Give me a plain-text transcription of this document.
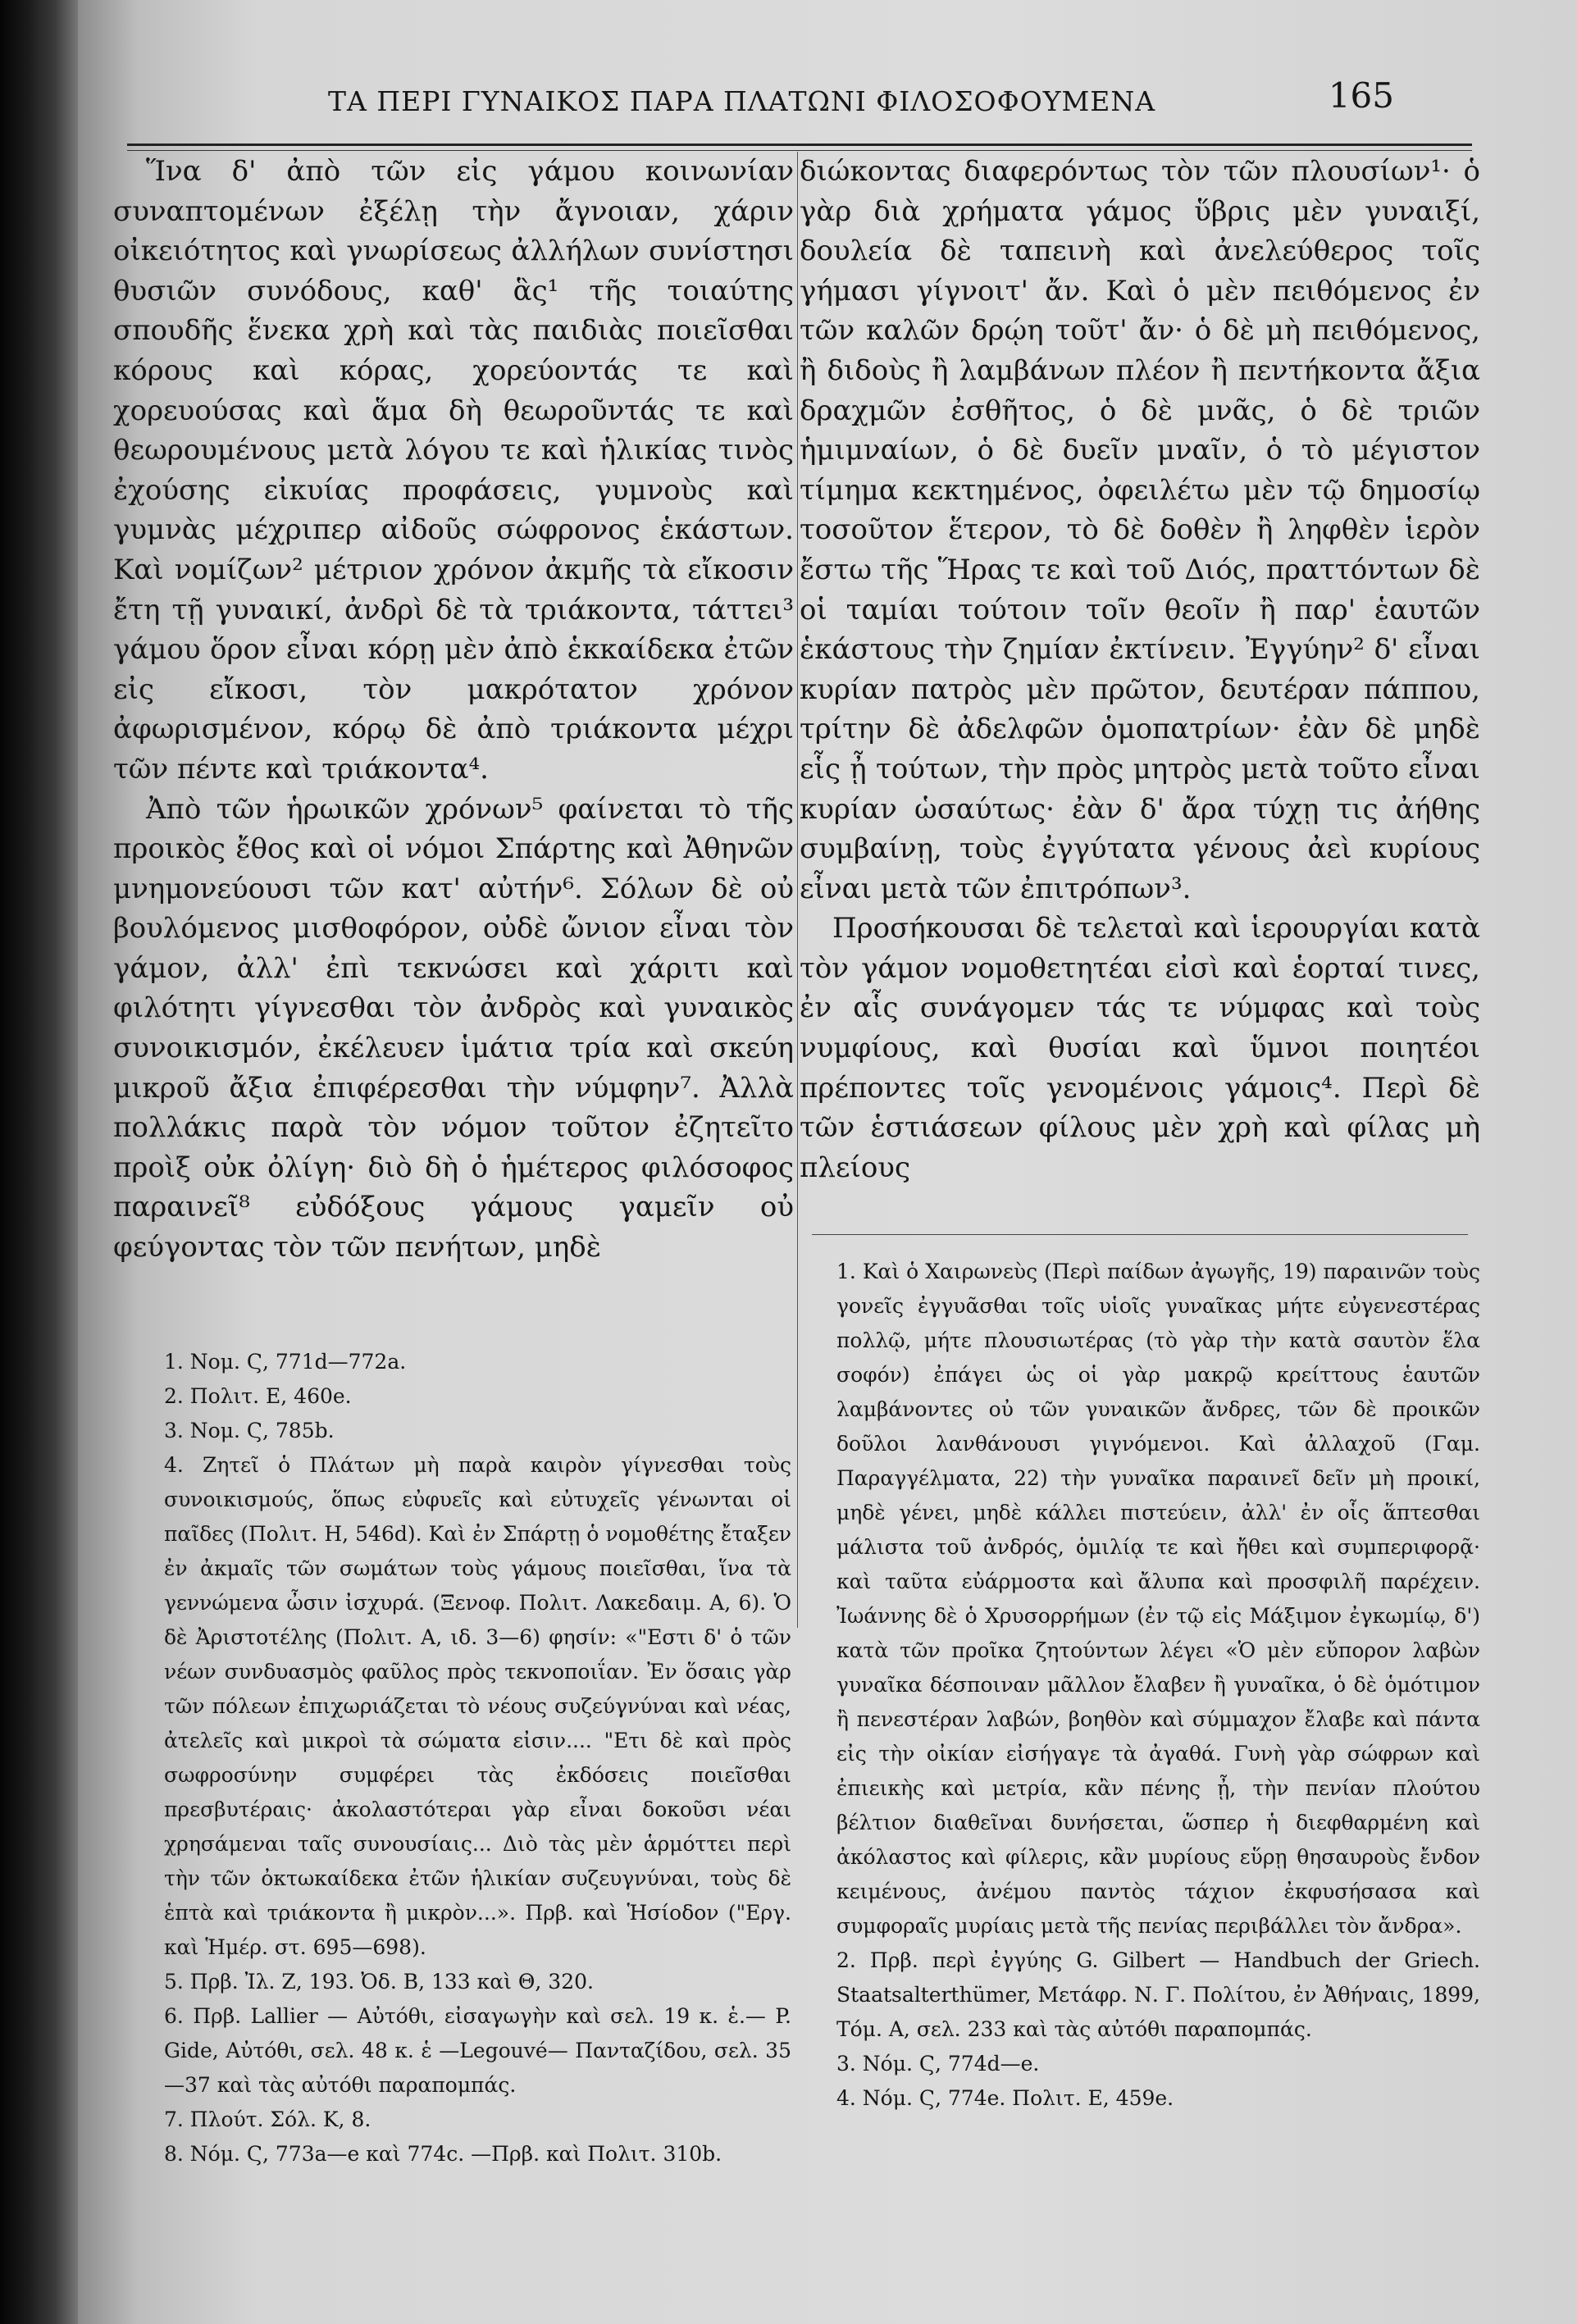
ΤΑ ΠΕΡΙ ΓΥΝΑΙΚΟΣ ΠΑΡΑ ΠΛΑΤΩΝΙ ΦΙΛΟΣΟΦΟΥΜΕΝΑ	165

Ἵνα δ' ἀπὸ τῶν εἰς γάμου κοινωνίαν συναπτομένων ἐξέλῃ τὴν ἄγνοιαν, χάριν οἰκειότητος καὶ γνωρίσεως ἀλλήλων συνίστησι θυσιῶν συνόδους, καθ' ἃς¹ τῆς τοιαύτης σπουδῆς ἕνεκα χρὴ καὶ τὰς παιδιὰς ποιεῖσθαι κόρους καὶ κόρας, χορεύοντάς τε καὶ χορευούσας καὶ ἅμα δὴ θεωροῦντάς τε καὶ θεωρουμένους μετὰ λόγου τε καὶ ἡλικίας τινὸς ἐχούσης εἰκυίας προφάσεις, γυμνοὺς καὶ γυμνὰς μέχριπερ αἰδοῦς σώφρονος ἑκάστων. Καὶ νομίζων² μέτριον χρόνον ἀκμῆς τὰ εἴκοσιν ἔτη τῇ γυναικί, ἀνδρὶ δὲ τὰ τριάκοντα, τάττει³ γάμου ὅρον εἶναι κόρῃ μὲν ἀπὸ ἑκκαίδεκα ἐτῶν εἰς εἴκοσι, τὸν μακρότατον χρόνον ἀφωρισμένον, κόρῳ δὲ ἀπὸ τριάκοντα μέχρι τῶν πέντε καὶ τριάκοντα⁴.

Ἀπὸ τῶν ἡρωικῶν χρόνων⁵ φαίνεται τὸ τῆς προικὸς ἔθος καὶ οἱ νόμοι Σπάρτης καὶ Ἀθηνῶν μνημονεύουσι τῶν κατ' αὐτήν⁶. Σόλων δὲ οὐ βουλόμενος μισθοφόρον, οὐδὲ ὤνιον εἶναι τὸν γάμον, ἀλλ' ἐπὶ τεκνώσει καὶ χάριτι καὶ φιλότητι γίγνεσθαι τὸν ἀνδρὸς καὶ γυναικὸς συνοικισμόν, ἐκέλευεν ἱμάτια τρία καὶ σκεύη μικροῦ ἄξια ἐπιφέρεσθαι τὴν νύμφην⁷. Ἀλλὰ πολλάκις παρὰ τὸν νόμον τοῦτον ἐζητεῖτο προὶξ οὐκ ὀλίγη· διὸ δὴ ὁ ἡμέτερος φιλόσοφος παραινεῖ⁸ εὐδόξους γάμους γαμεῖν οὐ φεύγοντας τὸν τῶν πενήτων, μηδὲ

διώκοντας διαφερόντως τὸν τῶν πλουσίων¹· ὁ γὰρ διὰ χρήματα γάμος ὕβρις μὲν γυναιξί, δουλεία δὲ ταπεινὴ καὶ ἀνελεύθερος τοῖς γήμασι γίγνοιτ' ἄν. Καὶ ὁ μὲν πειθόμενος ἐν τῶν καλῶν δρῴη τοῦτ' ἄν· ὁ δὲ μὴ πειθόμενος, ἢ διδοὺς ἢ λαμβάνων πλέον ἢ πεντήκοντα ἄξια δραχμῶν ἐσθῆτος, ὁ δὲ μνᾶς, ὁ δὲ τριῶν ἡμιμναίων, ὁ δὲ δυεῖν μναῖν, ὁ τὸ μέγιστον τίμημα κεκτημένος, ὀφειλέτω μὲν τῷ δημοσίῳ τοσοῦτον ἕτερον, τὸ δὲ δοθὲν ἢ ληφθὲν ἱερὸν ἔστω τῆς Ἥρας τε καὶ τοῦ Διός, πραττόντων δὲ οἱ ταμίαι τούτοιν τοῖν θεοῖν ἢ παρ' ἑαυτῶν ἑκάστους τὴν ζημίαν ἐκτίνειν. Ἐγγύην² δ' εἶναι κυρίαν πατρὸς μὲν πρῶτον, δευτέραν πάππου, τρίτην δὲ ἀδελφῶν ὁμοπατρίων· ἐὰν δὲ μηδὲ εἷς ᾖ τούτων, τὴν πρὸς μητρὸς μετὰ τοῦτο εἶναι κυρίαν ὡσαύτως· ἐὰν δ' ἄρα τύχῃ τις ἀήθης συμβαίνῃ, τοὺς ἐγγύτατα γένους ἀεὶ κυρίους εἶναι μετὰ τῶν ἐπιτρόπων³.

Προσήκουσαι δὲ τελεταὶ καὶ ἱερουργίαι κατὰ τὸν γάμον νομοθετητέαι εἰσὶ καὶ ἑορταί τινες, ἐν αἷς συνάγομεν τάς τε νύμφας καὶ τοὺς νυμφίους, καὶ θυσίαι καὶ ὕμνοι ποιητέοι πρέποντες τοῖς γενομένοις γάμοις⁴. Περὶ δὲ τῶν ἑστιάσεων φίλους μὲν χρὴ καὶ φίλας μὴ πλείους

1. Νομ. Ϛ, 771d—772a.

2. Πολιτ. Ε, 460e.

3. Νομ. Ϛ, 785b.

4. Ζητεῖ ὁ Πλάτων μὴ παρὰ καιρὸν γίγνεσθαι τοὺς συνοικισμούς, ὅπως εὐφυεῖς καὶ εὐτυχεῖς γένωνται οἱ παῖδες (Πολιτ. Η, 546d). Καὶ ἐν Σπάρτῃ ὁ νομοθέτης ἔταξεν ἐν ἀκμαῖς τῶν σωμάτων τοὺς γάμους ποιεῖσθαι, ἵνα τὰ γεννώμενα ὦσιν ἰσχυρά. (Ξενοφ. Πολιτ. Λακεδαιμ. Α, 6). Ὁ δὲ Ἀριστοτέλης (Πολιτ. Α, ιδ. 3—6) φησίν: «"Εστι δ' ὁ τῶν νέων συνδυασμὸς φαῦλος πρὸς τεκνοποιΐαν. Ἐν ὅσαις γὰρ τῶν πόλεων ἐπιχωριάζεται τὸ νέους συζεύγνύναι καὶ νέας, ἀτελεῖς καὶ μικροὶ τὰ σώματα εἰσιν.... "Ετι δὲ καὶ πρὸς σωφροσύνην συμφέρει τὰς ἐκδόσεις ποιεῖσθαι πρεσβυτέραις· ἀκολαστότεραι γὰρ εἶναι δοκοῦσι νέαι χρησάμεναι ταῖς συνουσίαις... Διὸ τὰς μὲν ἁρμόττει περὶ τὴν τῶν ὀκτωκαίδεκα ἐτῶν ἡλικίαν συζευγνύναι, τοὺς δὲ ἑπτὰ καὶ τριάκοντα ἢ μικρὸν...». Πρβ. καὶ Ἡσίοδον ("Εργ. καὶ Ἡμέρ. στ. 695—698).

5. Πρβ. Ἰλ. Ζ, 193. Ὀδ. Β, 133 καὶ Θ, 320.

6. Πρβ. Lallier — Αὐτόθι, εἰσαγωγὴν καὶ σελ. 19 κ. ἑ.— P. Gide, Αὐτόθι, σελ. 48 κ. ἑ —Legouvé— Πανταζίδου, σελ. 35—37 καὶ τὰς αὐτόθι παραπομπάς.

7. Πλούτ. Σόλ. Κ, 8.

8. Νόμ. Ϛ, 773a—e καὶ 774c. —Πρβ. καὶ Πολιτ. 310b.

1. Καὶ ὁ Χαιρωνεὺς (Περὶ παίδων ἀγωγῆς, 19) παραινῶν τοὺς γονεῖς ἐγγυᾶσθαι τοῖς υἱοῖς γυναῖκας μήτε εὐγενεστέρας πολλῷ, μήτε πλουσιωτέρας (τὸ γὰρ τὴν κατὰ σαυτὸν ἕλα σοφόν) ἐπάγει ὡς οἱ γὰρ μακρῷ κρείττους ἑαυτῶν λαμβάνοντες οὐ τῶν γυναικῶν ἄνδρες, τῶν δὲ προικῶν δοῦλοι λανθάνουσι γιγνόμενοι. Καὶ ἀλλαχοῦ (Γαμ. Παραγγέλματα, 22) τὴν γυναῖκα παραινεῖ δεῖν μὴ προικί, μηδὲ γένει, μηδὲ κάλλει πιστεύειν, ἀλλ' ἐν οἷς ἅπτεσθαι μάλιστα τοῦ ἀνδρός, ὁμιλίᾳ τε καὶ ἤθει καὶ συμπεριφορᾷ· καὶ ταῦτα εὐάρμοστα καὶ ἄλυπα καὶ προσφιλῆ παρέχειν. Ἰωάννης δὲ ὁ Χρυσορρήμων (ἐν τῷ εἰς Μάξιμον ἐγκωμίῳ, δ') κατὰ τῶν προῖκα ζητούντων λέγει «Ὁ μὲν εὔπορον λαβὼν γυναῖκα δέσποιναν μᾶλλον ἔλαβεν ἢ γυναῖκα, ὁ δὲ ὁμότιμον ἢ πενεστέραν λαβών, βοηθὸν καὶ σύμμαχον ἔλαβε καὶ πάντα εἰς τὴν οἰκίαν εἰσήγαγε τὰ ἀγαθά. Γυνὴ γὰρ σώφρων καὶ ἐπιεικὴς καὶ μετρία, κἂν πένης ᾖ, τὴν πενίαν πλούτου βέλτιον διαθεῖναι δυνήσεται, ὥσπερ ἡ διεφθαρμένη καὶ ἀκόλαστος καὶ φίλερις, κἂν μυρίους εὕρῃ θησαυροὺς ἔνδον κειμένους, ἀνέμου παντὸς τάχιον ἐκφυσήσασα καὶ συμφοραῖς μυρίαις μετὰ τῆς πενίας περιβάλλει τὸν ἄνδρα».

2. Πρβ. περὶ ἐγγύης G. Gilbert — Handbuch der Griech. Staatsalterthümer, Μετάφρ. Ν. Γ. Πολίτου, ἐν Ἀθήναις, 1899, Τόμ. Α, σελ. 233 καὶ τὰς αὐτόθι παραπομπάς.

3. Νόμ. Ϛ, 774d—e.

4. Νόμ. Ϛ, 774e. Πολιτ. Ε, 459e.
